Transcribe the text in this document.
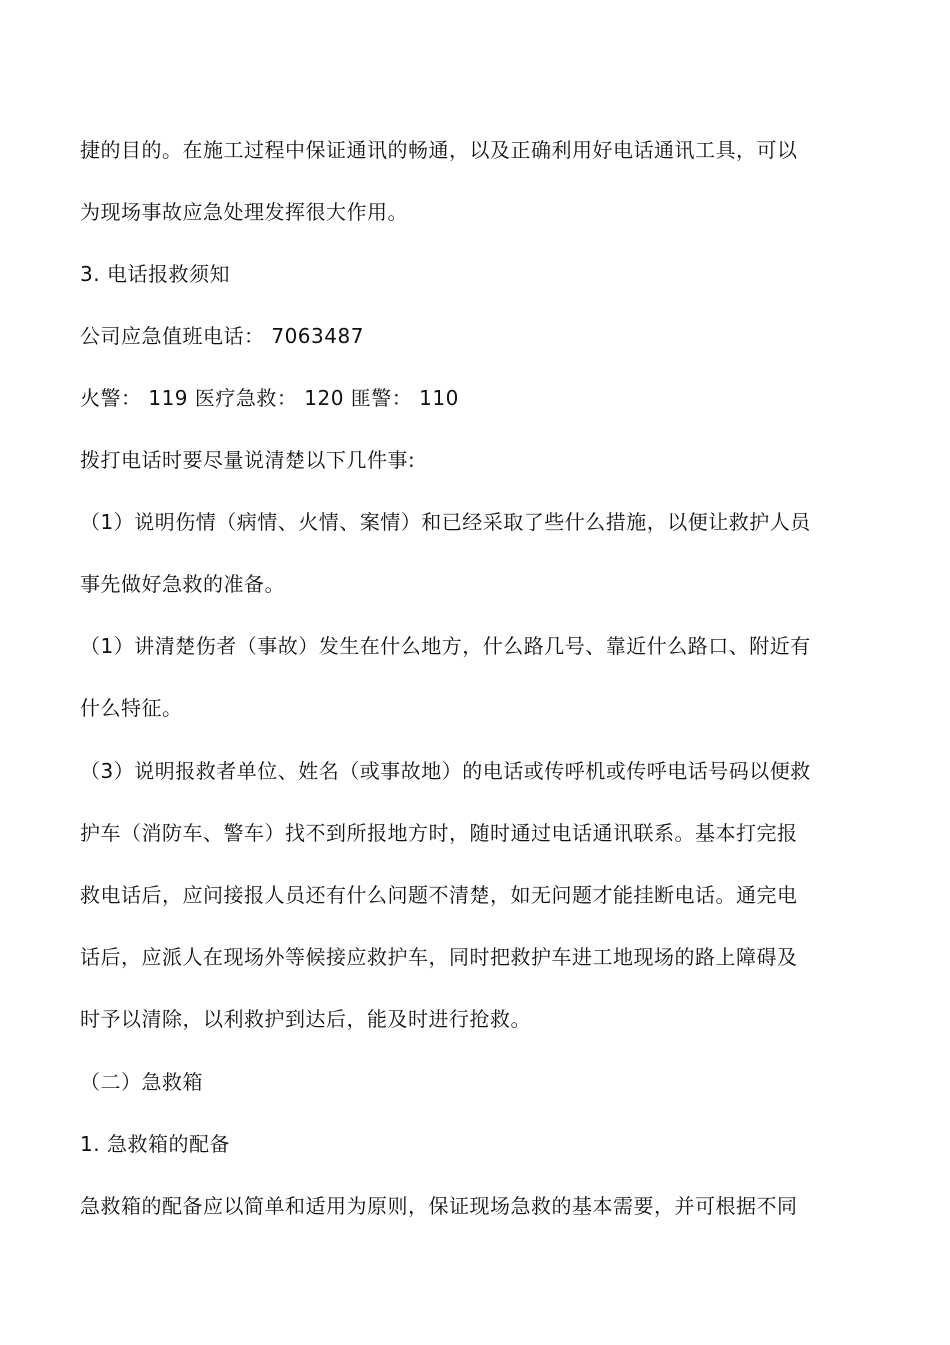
捷的目的。在施工过程中保证通讯的畅通，以及正确利用好电话通讯工具，可以
为现场事故应急处理发挥很大作用。
3. 电话报救须知
公司应急值班电话： 7063487
火警： 119 医疗急救： 120 匪警： 110
拨打电话时要尽量说清楚以下几件事:
（1）说明伤情（病情、火情、案情）和已经采取了些什么措施，以便让救护人员
事先做好急救的准备。
（1）讲清楚伤者（事故）发生在什么地方，什么路几号、靠近什么路口、附近有
什么特征。
（3）说明报救者单位、姓名（或事故地）的电话或传呼机或传呼电话号码以便救
护车（消防车、警车）找不到所报地方时，随时通过电话通讯联系。基本打完报
救电话后，应问接报人员还有什么问题不清楚，如无问题才能挂断电话。通完电
话后，应派人在现场外等候接应救护车，同时把救护车进工地现场的路上障碍及
时予以清除，以利救护到达后，能及时进行抢救。
（二）急救箱
1. 急救箱的配备
急救箱的配备应以简单和适用为原则，保证现场急救的基本需要，并可根据不同
